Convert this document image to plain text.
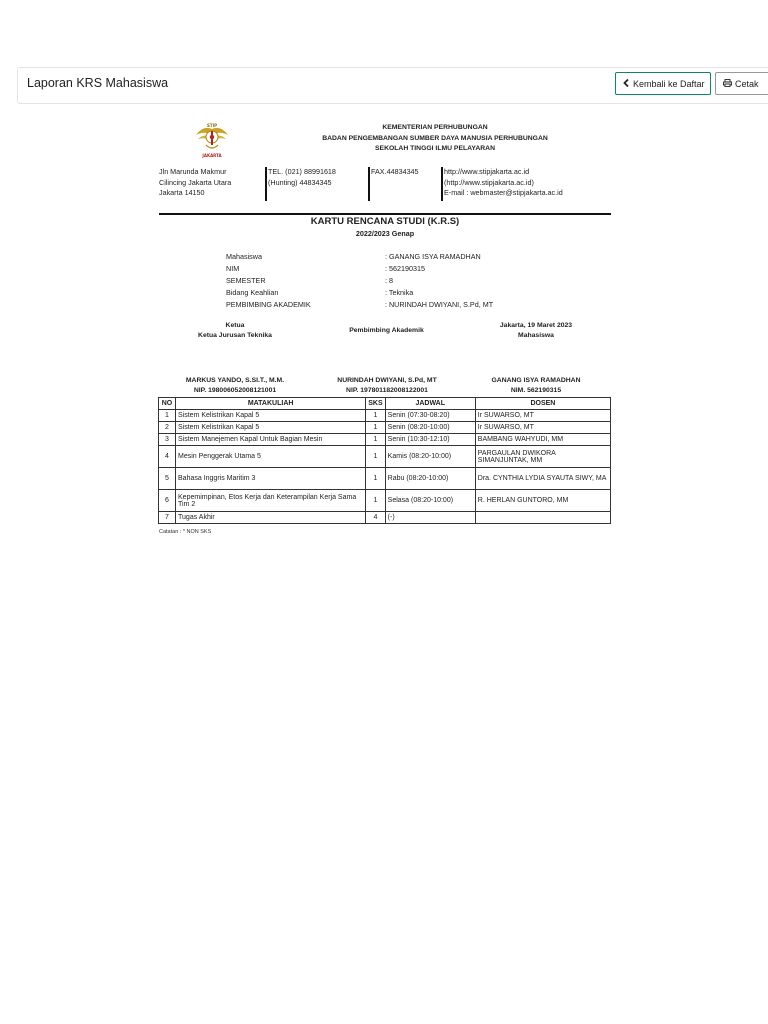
Laporan KRS Mahasiswa	Kembali ke Daftar	Cetak
STIP
JAKARTA
KEMENTERIAN PERHUBUNGAN
BADAN PENGEMBANGAN SUMBER DAYA MANUSIA PERHUBUNGAN
SEKOLAH TINGGI ILMU PELAYARAN
Jln Marunda Makmur
Cilincing Jakarta Utara
Jakarta 14150
TEL. (021) 88991618
(Hunting) 44834345
FAX.44834345	http://www.stipjakarta.ac.id
(http://www.stipjakarta.ac.id)
E-mail : webmaster@stipjakarta.ac.id
KARTU RENCANA STUDI (K.R.S)
2022/2023 Genap
Mahasiswa	: GANANG ISYA RAMADHAN
NIM	: 562190315
SEMESTER	: 8
Bidang Keahlian	: Teknika
PEMBIMBING AKADEMIK	: NURINDAH DWIYANI, S.Pd, MT
Ketua
Ketua Jurusan Teknika
Pembimbing Akademik
Jakarta, 19 Maret 2023
Mahasiswa
MARKUS YANDO, S.SI.T., M.M.
NIP. 198006052008121001
NURINDAH DWIYANI, S.Pd, MT
NIP. 197801182008122001
GANANG ISYA RAMADHAN
NIM. 562190315
NO	MATAKULIAH	SKS	JADWAL	DOSEN
1	Sistem Kelistrikan Kapal 5	1	Senin (07:30-08:20)	Ir SUWARSO, MT
2	Sistem Kelistrikan Kapal 5	1	Senin (08:20-10:00)	Ir SUWARSO, MT
3	Sistem Manejemen Kapal Untuk Bagian Mesin	1	Senin (10:30-12:10)	BAMBANG WAHYUDI, MM
4	Mesin Penggerak Utama 5	1	Kamis (08:20-10:00)	PARGAULAN DWIKORA SIMANJUNTAK, MM
5	Bahasa Inggris Maritim 3	1	Rabu (08:20-10:00)	Dra. CYNTHIA LYDIA SYAUTA SIWY, MA
6	Kepemimpinan, Etos Kerja dan Keterampilan Kerja Sama Tim 2	1	Selasa (08:20-10:00)	R. HERLAN GUNTORO, MM
7	Tugas Akhir	4	(-)	
Catatan : * NON SKS
